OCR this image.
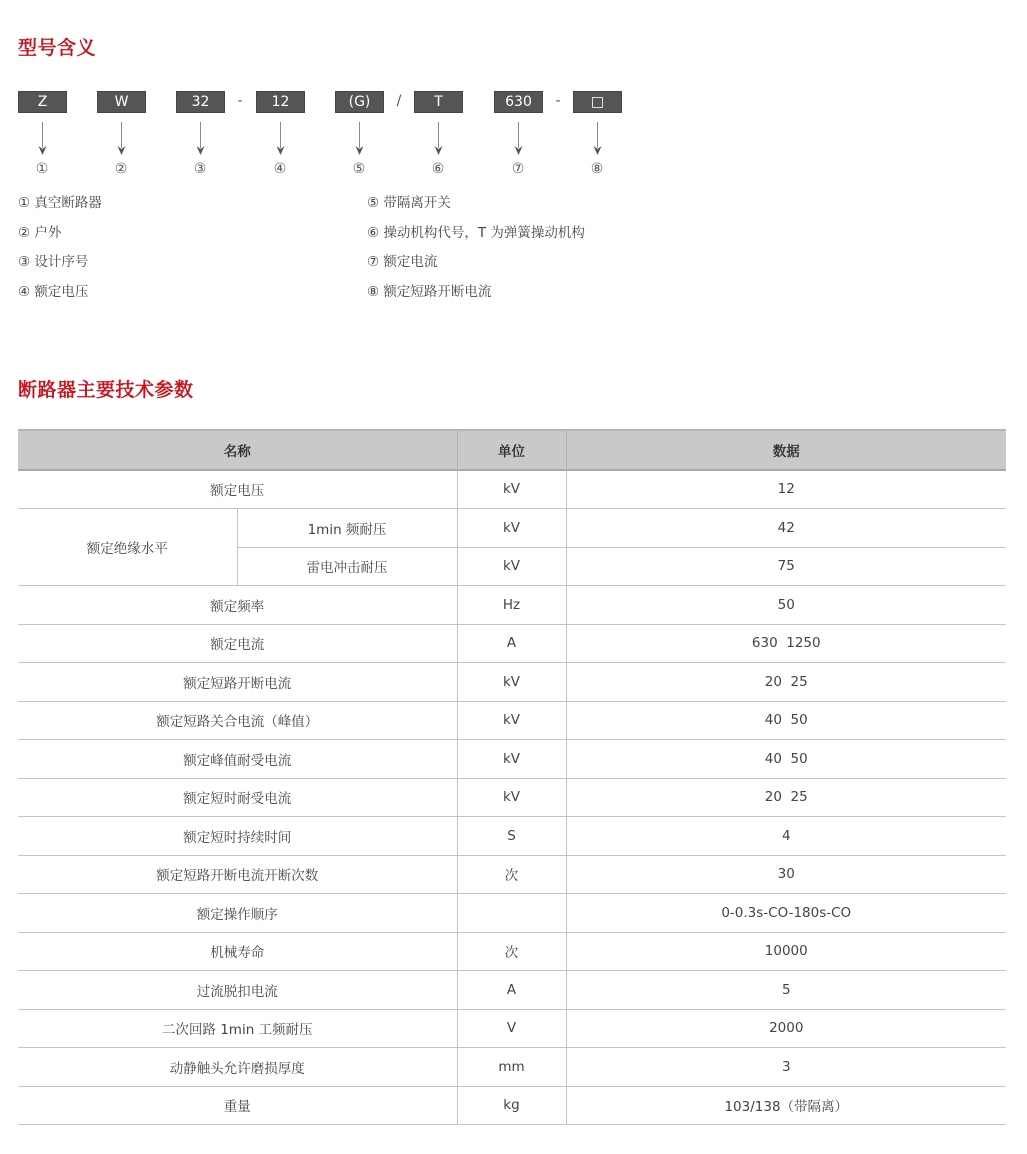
型号含义
Z	W	32	-	12	(G)	/	T	630	-	□
①	②	③	④	⑤	⑥	⑦	⑧
① 真空断路器
② 户外
③ 设计序号
④ 额定电压
⑤ 带隔离开关
⑥ 操动机构代号，T 为弹簧操动机构
⑦ 额定电流
⑧ 额定短路开断电流
断路器主要技术参数
名称		单位	数据
额定电压		kV	12
额定绝缘水平	1min 频耐压	kV	42
	雷电冲击耐压	kV	75
额定频率		Hz	50
额定电流		A	630  1250
额定短路开断电流		kV	20  25
额定短路关合电流（峰值）		kV	40  50
额定峰值耐受电流		kV	40  50
额定短时耐受电流		kV	20  25
额定短时持续时间		S	4
额定短路开断电流开断次数		次	30
额定操作顺序			0-0.3s-CO-180s-CO
机械寿命		次	10000
过流脱扣电流		A	5
二次回路 1min 工频耐压		V	2000
动静触头允许磨损厚度		mm	3
重量		kg	103/138（带隔离）
